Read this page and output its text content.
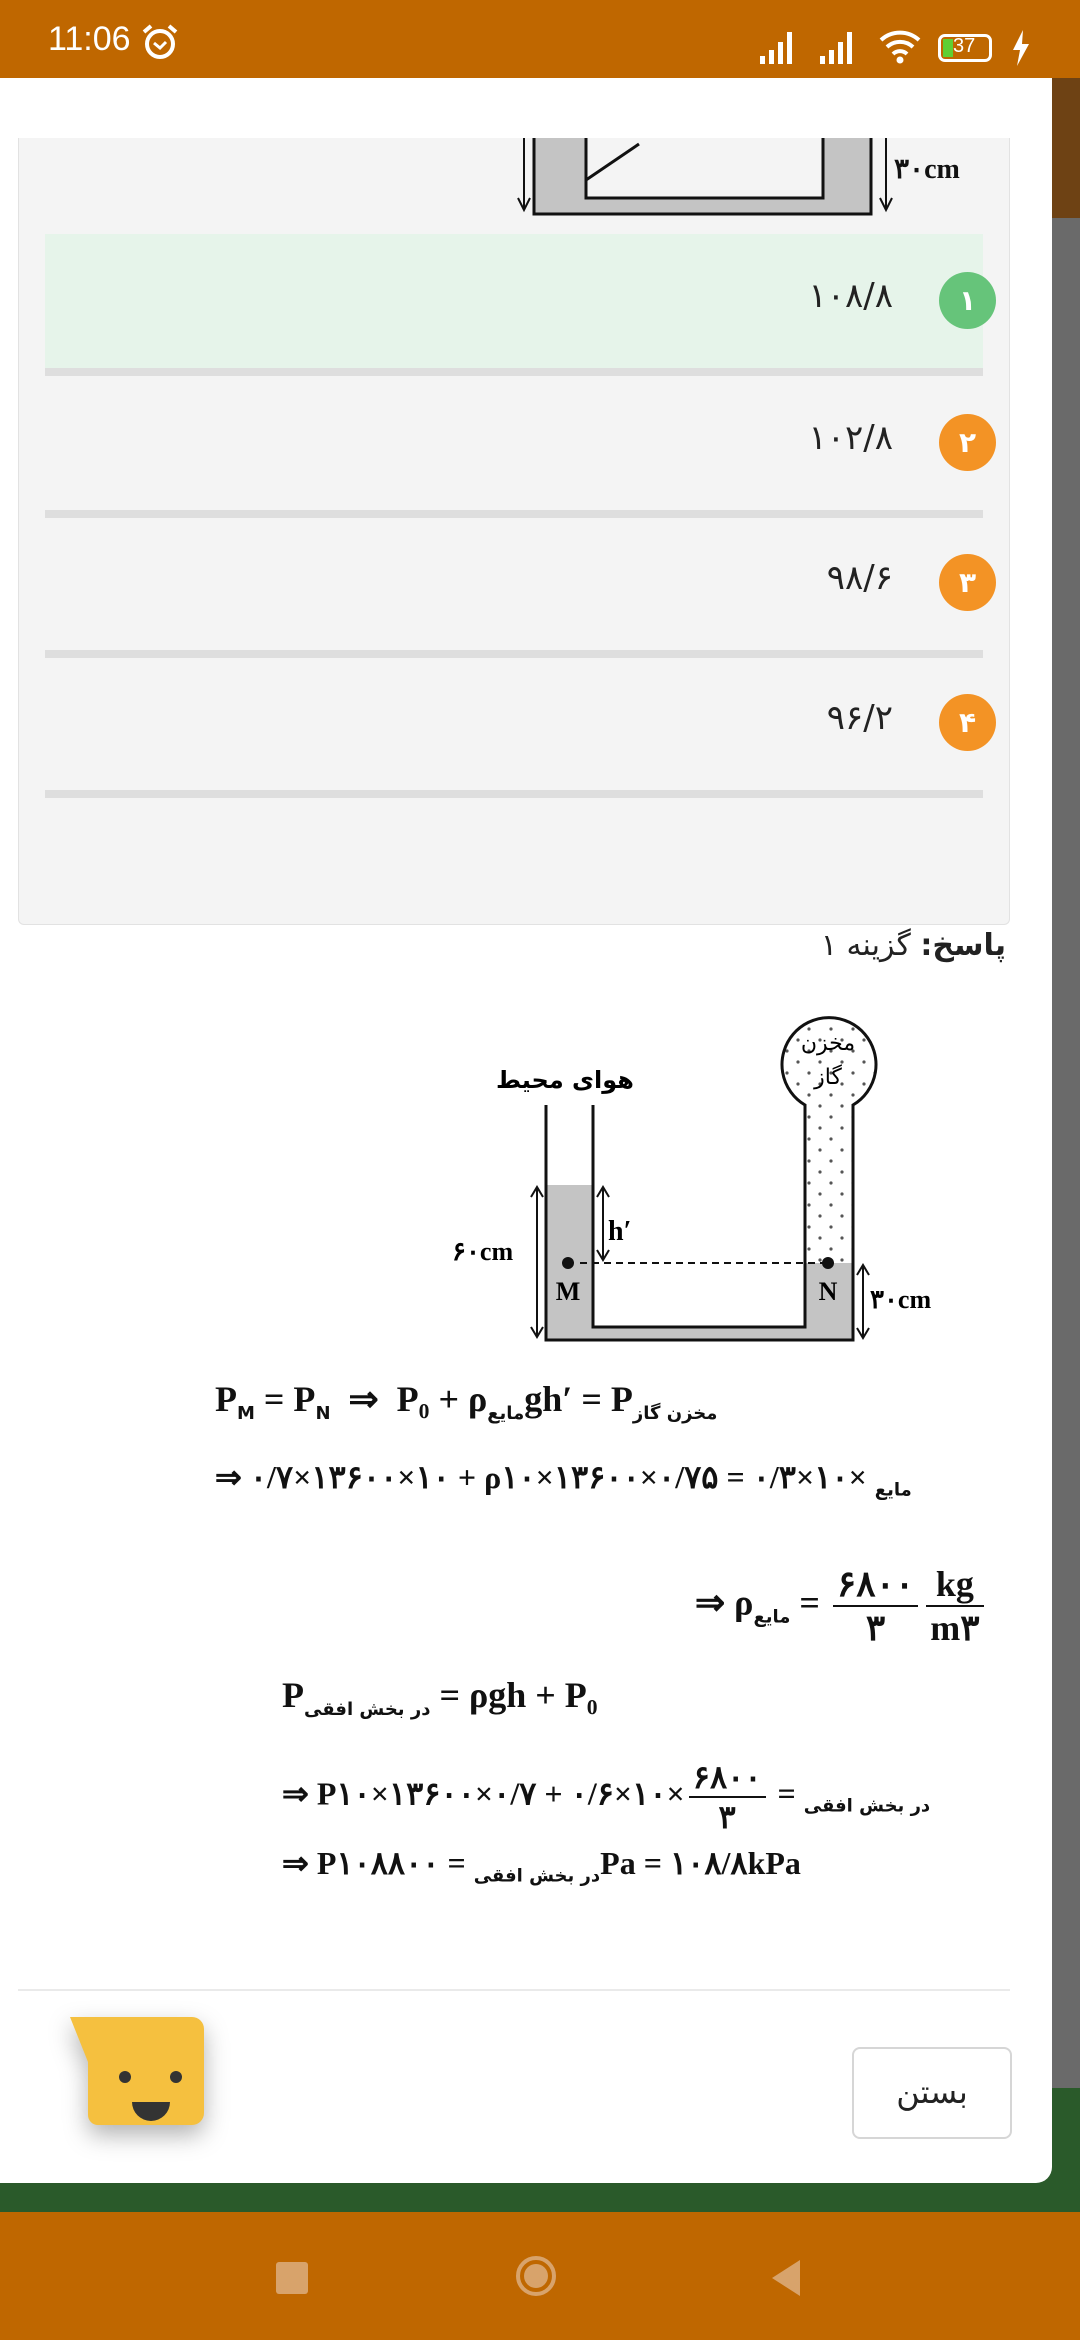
11:06	37
۳۰cm
۱
۱۰۸/۸
۲
۱۰۲/۸
۳
۹۸/۶
۴
۹۶/۲
M	N
h′
۶۰cm
۳۰cm
هوای محیط
مخزن
گاز
پاسخ: گزینه ۱
$P_M = P_N$  ⇒  $P_0 + \rho_{مایع}gh' = P_{مخزن گاز}$
⇒ ۰/۷×۱۳۶۰۰×۱۰ + ρ	$_{مایع}$ ×۱۰×۰/۳ = ۰/۷۵×۱۳۶۰۰×۱۰
⇒ $\rho_{مایع} = \frac{۶۸۰۰}{۳} \frac{kg}{m۳}$
$P_{در بخش افقی} = \rho gh + P_0$
⇒ P	$_{در بخش افقی}$ =
$\frac{۶۸۰۰}{۳}$
×۱۰×۰/۶ + ۰/۷×۱۳۶۰۰×۱۰
⇒ P	$_{در بخش افقی}$ = ۱۰۸۸۰۰Pa = ۱۰۸/۸kPa
بستن
